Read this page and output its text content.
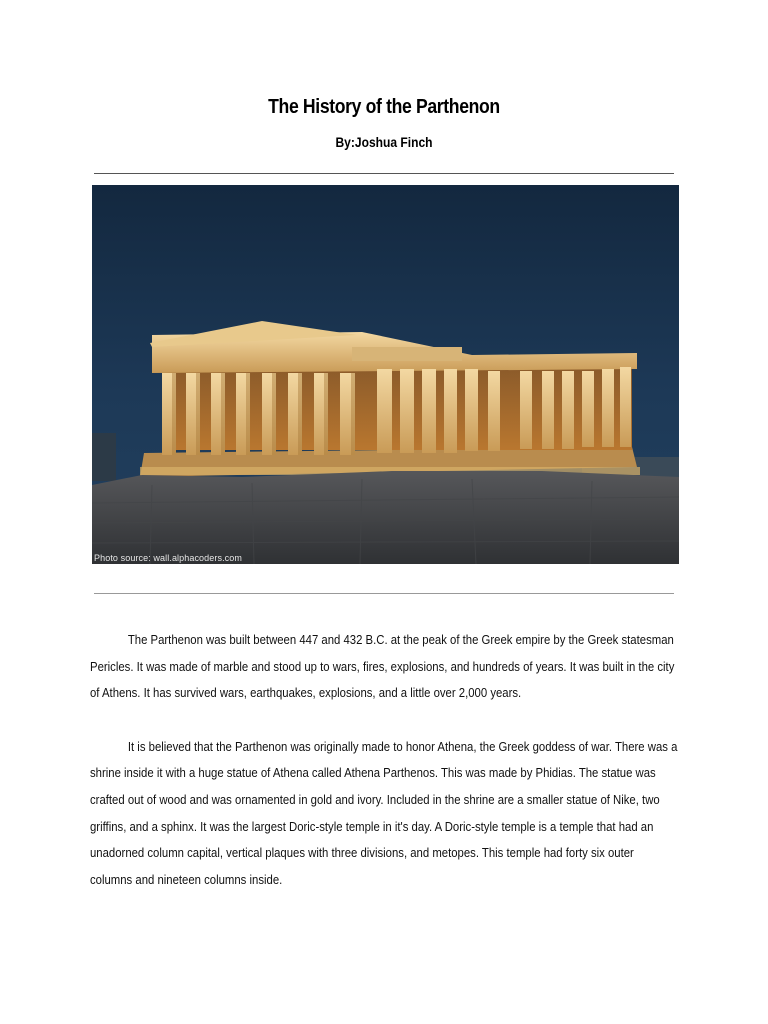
The History of the Parthenon
By:Joshua Finch
Photo source: wall.alphacoders.com

The Parthenon was built between 447 and 432 B.C. at the peak of the Greek empire by the Greek statesman Pericles. It was made of marble and stood up to wars, fires, explosions, and hundreds of years. It was built in the city of Athens. It has survived wars, earthquakes, explosions, and a little over 2,000 years.

It is believed that the Parthenon was originally made to honor Athena, the Greek goddess of war. There was a shrine inside it with a huge statue of Athena called Athena Parthenos. This was made by Phidias. The statue was crafted out of wood and was ornamented in gold and ivory. Included in the shrine are a smaller statue of Nike, two griffins, and a sphinx. It was the largest Doric-style temple in it's day. A Doric-style temple is a temple that had an unadorned column capital, vertical plaques with three divisions, and metopes. This temple had forty six outer columns and nineteen columns inside.
